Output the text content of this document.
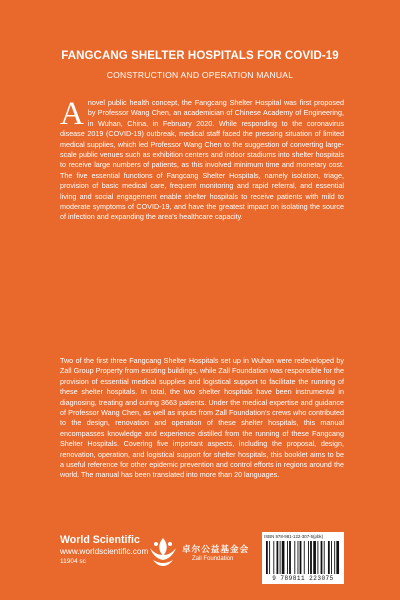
FANGCANG SHELTER HOSPITALS FOR COVID-19
CONSTRUCTION AND OPERATION MANUAL
A novel public health concept, the Fangcang Shelter Hospital was first proposed by Professor Wang Chen, an academician of Chinese Academy of Engineering, in Wuhan, China, in February 2020. While responding to the coronavirus disease 2019 (COVID-19) outbreak, medical staff faced the pressing situation of limited medical supplies, which led Professor Wang Chen to the suggestion of converting large-scale public venues such as exhibition centers and indoor stadiums into shelter hospitals to receive large numbers of patients, as this involved minimum time and monetary cost. The five essential functions of Fangcang Shelter Hospitals, namely isolation, triage, provision of basic medical care, frequent monitoring and rapid referral, and essential living and social engagement enable shelter hospitals to receive patients with mild to moderate symptoms of COVID-19, and have the greatest impact on isolating the source of infection and expanding the area's healthcare capacity.
Two of the first three Fangcang Shelter Hospitals set up in Wuhan were redeveloped by Zall Group Property from existing buildings, while Zall Foundation was responsible for the provision of essential medical supplies and logistical support to facilitate the running of these shelter hospitals. In total, the two shelter hospitals have been instrumental in diagnosing, treating and curing 3663 patients. Under the medical expertise and guidance of Professor Wang Chen, as well as inputs from Zall Foundation's crews who contributed to the design, renovation and operation of these shelter hospitals, this manual encompasses knowledge and experience distilled from the running of these Fangcang Shelter Hospitals. Covering five important aspects, including the proposal, design, renovation, operation, and logistical support for shelter hospitals, this booklet aims to be a useful reference for other epidemic prevention and control efforts in regions around the world. The manual has been translated into more than 20 languages.
World Scientific
www.worldscientific.com
11904 sc
卓尔公益基金会
Zall Foundation
ISBN 978-981-122-307-5(pbk)
9 789811 223075
